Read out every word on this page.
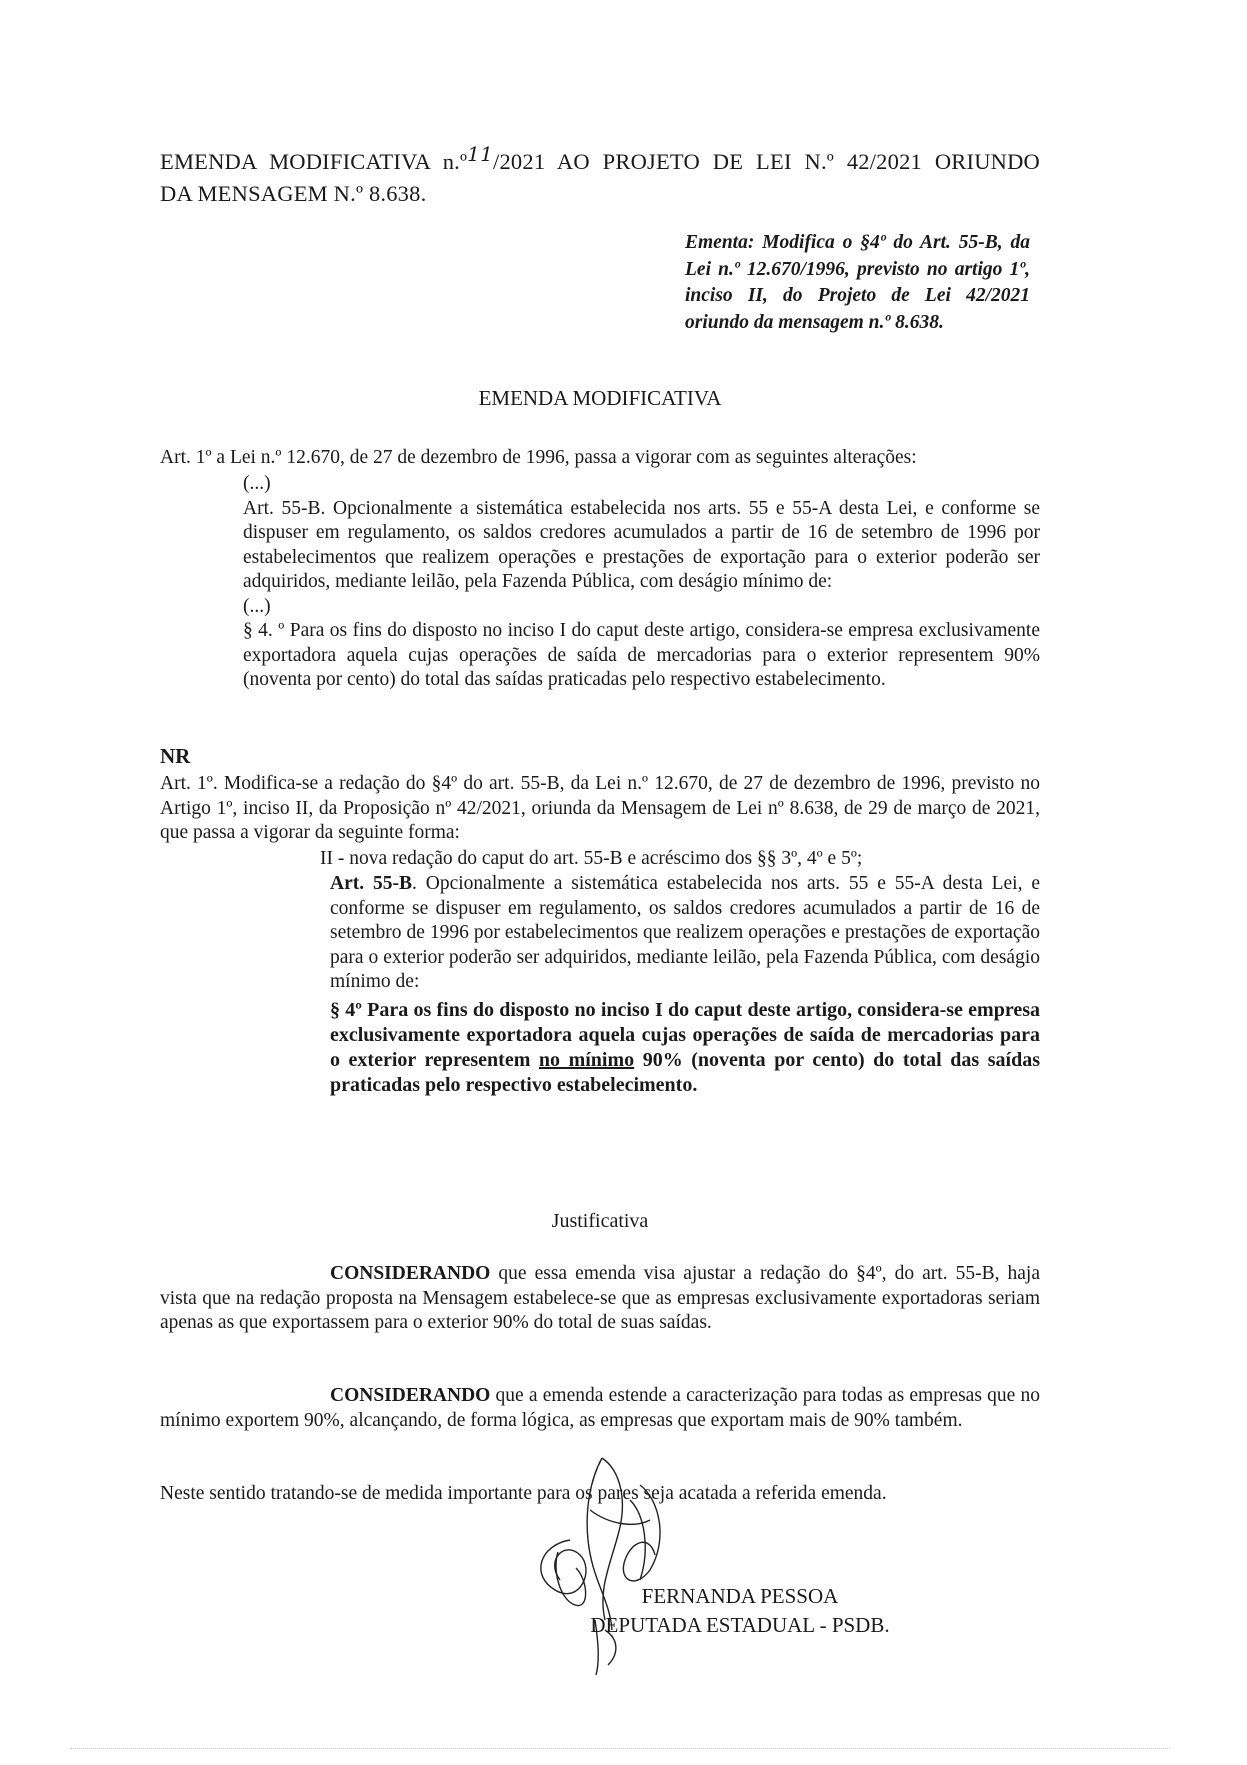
EMENDA MODIFICATIVA n.º11/2021 AO PROJETO DE LEI N.º 42/2021 ORIUNDO
DA MENSAGEM N.º 8.638.
Ementa: Modifica o §4º do Art. 55-B, da Lei n.º 12.670/1996, previsto no artigo 1º, inciso II, do Projeto de Lei 42/2021 oriundo da mensagem n.º 8.638.
EMENDA MODIFICATIVA
Art. 1º a Lei n.º 12.670, de 27 de dezembro de 1996, passa a vigorar com as seguintes alterações:
(...)
Art. 55-B. Opcionalmente a sistemática estabelecida nos arts. 55 e 55-A desta Lei, e conforme se dispuser em regulamento, os saldos credores acumulados a partir de 16 de setembro de 1996 por estabelecimentos que realizem operações e prestações de exportação para o exterior poderão ser adquiridos, mediante leilão, pela Fazenda Pública, com deságio mínimo de:
(...)
§ 4. º Para os fins do disposto no inciso I do caput deste artigo, considera-se empresa exclusivamente exportadora aquela cujas operações de saída de mercadorias para o exterior representem 90% (noventa por cento) do total das saídas praticadas pelo respectivo estabelecimento.
NR
Art. 1º. Modifica-se a redação do §4º do art. 55-B, da Lei n.º 12.670, de 27 de dezembro de 1996, previsto no Artigo 1º, inciso II, da Proposição nº 42/2021, oriunda da Mensagem de Lei nº 8.638, de 29 de março de 2021, que passa a vigorar da seguinte forma:
II - nova redação do caput do art. 55-B e acréscimo dos §§ 3º, 4º e 5º;
Art. 55-B. Opcionalmente a sistemática estabelecida nos arts. 55 e 55-A desta Lei, e conforme se dispuser em regulamento, os saldos credores acumulados a partir de 16 de setembro de 1996 por estabelecimentos que realizem operações e prestações de exportação para o exterior poderão ser adquiridos, mediante leilão, pela Fazenda Pública, com deságio mínimo de:
§ 4º Para os fins do disposto no inciso I do caput deste artigo, considera-se empresa exclusivamente exportadora aquela cujas operações de saída de mercadorias para o exterior representem no mínimo 90% (noventa por cento) do total das saídas praticadas pelo respectivo estabelecimento.
Justificativa
CONSIDERANDO que essa emenda visa ajustar a redação do §4º, do art. 55-B, haja vista que na redação proposta na Mensagem estabelece-se que as empresas exclusivamente exportadoras seriam apenas as que exportassem para o exterior 90% do total de suas saídas.
CONSIDERANDO que a emenda estende a caracterização para todas as empresas que no mínimo exportem 90%, alcançando, de forma lógica, as empresas que exportam mais de 90% também.
Neste sentido tratando-se de medida importante para os pares seja acatada a referida emenda.
FERNANDA PESSOA
DEPUTADA ESTADUAL - PSDB.
